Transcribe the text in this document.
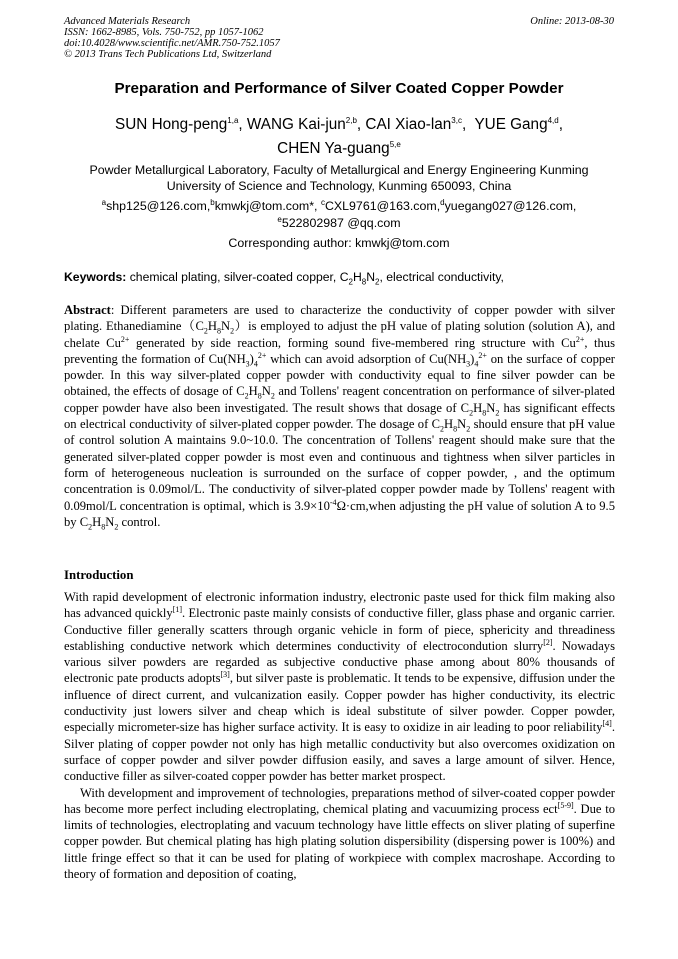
Advanced Materials Research
ISSN: 1662-8985, Vols. 750-752, pp 1057-1062
doi:10.4028/www.scientific.net/AMR.750-752.1057
© 2013 Trans Tech Publications Ltd, Switzerland
Online: 2013-08-30
Preparation and Performance of Silver Coated Copper Powder
SUN Hong-peng$^{1,a}$, WANG Kai-jun$^{2,b}$, CAI Xiao-lan$^{3,c}$,  YUE Gang$^{4,d}$,
CHEN Ya-guang$^{5,e}$
Powder Metallurgical Laboratory, Faculty of Metallurgical and Energy Engineering Kunming
University of Science and Technology, Kunming 650093, China
$^a$shp125@126.com,$^b$kmwkj@tom.com*, $^c$CXL9761@163.com,$^d$yuegang027@126.com,
$^e$522802987 @qq.com
Corresponding author: kmwkj@tom.com
Keywords: chemical plating, silver-coated copper, $C_2H_8N_2$, electrical conductivity,
Abstract: Different parameters are used to characterize the conductivity of copper powder with silver plating. $Ethanediamine(C_2H_8N_2)is$ employed to adjust the pH value of plating solution (solution A), and chelate $Cu^{2+}$ generated by side reaction, forming sound five-membered ring structure with $Cu^{2+}$, thus preventing the formation of $Cu(NH_3)_4^{2+}$ which can avoid adsorption of $Cu(NH_3)_4^{2+}$ on the surface of copper powder. In this way silver-plated copper powder with conductivity equal to fine silver powder can be obtained, the effects of dosage of $C_2H_8N_2$ and Tollens' reagent concentration on performance of silver-plated copper powder have also been investigated. The result shows that dosage of $C_2H_8N_2$ has significant effects on electrical conductivity of silver-plated copper powder. The dosage of $C_2H_8N_2$ should ensure that pH value of control solution A maintains 9.0~10.0. The concentration of Tollens' reagent should make sure that the generated silver-plated copper powder is most even and continuous and tightness when silver particles in form of heterogeneous nucleation is surrounded on the surface of copper powder, , and the optimum concentration is 0.09mol/L. The conductivity of silver-plated copper powder made by Tollens' reagent with 0.09mol/L concentration is optimal, which is $3.9\times 10^{-4}\Omega\cdot cm,when$ adjusting the pH value of solution A to 9.5 by $C_2H_8N_2$ control.
Introduction

With rapid development of electronic information industry, electronic paste used for thick film making also has advanced quickly[1]. Electronic paste mainly consists of conductive filler, glass phase and organic carrier. Conductive filler generally scatters through organic vehicle in form of piece, sphericity and threadiness establishing conductive network which determines conductivity of electrocondution slurry[2]. Nowadays various silver powders are regarded as subjective conductive phase among about 80% thousands of electronic pate products adopts[3], but silver paste is problematic. It tends to be expensive, diffusion under the influence of direct current, and vulcanization easily. Copper powder has higher conductivity, its electric conductivity just lowers silver and cheap which is ideal substitute of silver powder. Copper powder, especially micrometer-size has higher surface activity. It is easy to oxidize in air leading to poor reliability[4]. Silver plating of copper powder not only has high metallic conductivity but also overcomes oxidization on surface of copper powder and silver powder diffusion easily, and saves a large amount of silver. Hence, conductive filler as silver-coated copper powder has better market prospect.

With development and improvement of technologies, preparations method of silver-coated copper powder has become more perfect including electroplating, chemical plating and vacuumizing process ect[5-9]. Due to limits of technologies, electroplating and vacuum technology have little effects on sliver plating of superfine copper powder. But chemical plating has high plating solution dispersibility (dispersing power is 100%) and little fringe effect so that it can be used for plating of workpiece with complex macroshape. According to theory of formation and deposition of coating,
